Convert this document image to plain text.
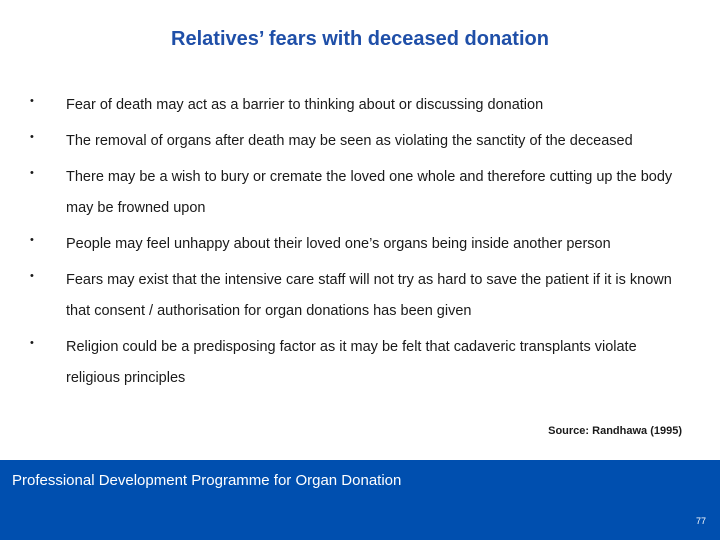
Relatives’ fears with deceased donation
•	Fear of death may act as a barrier to thinking about or discussing donation
•	The removal of organs after death may be seen as violating the sanctity of the deceased
•	There may be a wish to bury or cremate the loved one whole and therefore cutting up the body may be frowned upon
•	People may feel unhappy about their loved one’s organs being inside another person
•	Fears may exist that the intensive care staff will not try as hard to save the patient if it is known that consent / authorisation for organ donations has been given
•	Religion could be a predisposing factor as it may be felt that cadaveric transplants violate religious principles
Source: Randhawa (1995)
Professional Development Programme for Organ Donation
77
